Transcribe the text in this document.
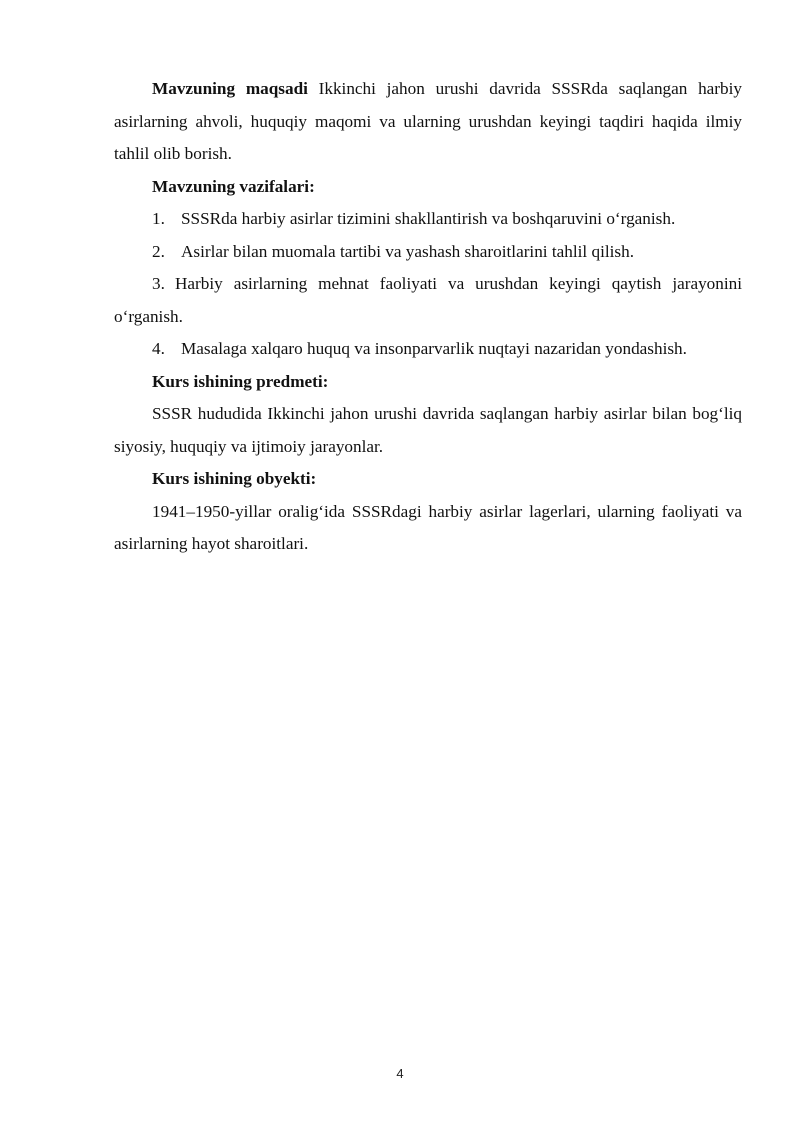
Mavzuning maqsadi Ikkinchi jahon urushi davrida SSSRda saqlangan harbiy asirlarning ahvoli, huquqiy maqomi va ularning urushdan keyingi taqdiri haqida ilmiy tahlil olib borish.

Mavzuning vazifalari:

1. SSSRda harbiy asirlar tizimini shakllantirish va boshqaruvini o‘rganish.

2. Asirlar bilan muomala tartibi va yashash sharoitlarini tahlil qilish.

3. Harbiy asirlarning mehnat faoliyati va urushdan keyingi qaytish jarayonini o‘rganish.

4. Masalaga xalqaro huquq va insonparvarlik nuqtayi nazaridan yondashish.

Kurs ishining predmeti:

SSSR hududida Ikkinchi jahon urushi davrida saqlangan harbiy asirlar bilan bog‘liq siyosiy, huquqiy va ijtimoiy jarayonlar.

Kurs ishining obyekti:

1941–1950-yillar oralig‘ida SSSRdagi harbiy asirlar lagerlari, ularning faoliyati va asirlarning hayot sharoitlari.

4
